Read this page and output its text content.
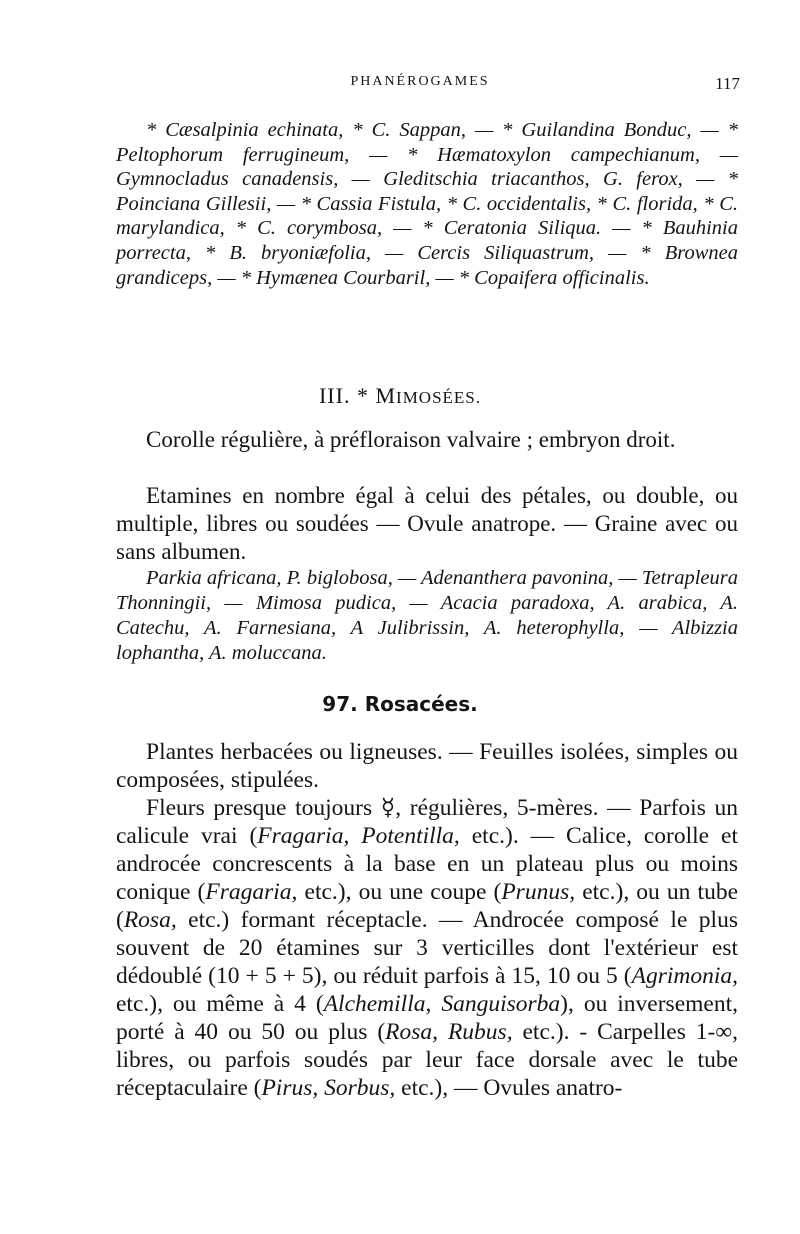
PHANÉROGAMES	117

* Cæsalpinia echinata, * C. Sappan, — * Guilandina Bonduc, — * Peltophorum ferrugineum, — * Hæmatoxylon campechianum, — Gymnocladus canadensis, — Gleditschia triacanthos, G. ferox, — * Poinciana Gillesii, — * Cassia Fistula, * C. occidentalis, * C. florida, * C. marylandica, * C. corymbosa, — * Ceratonia Siliqua. — * Bauhinia porrecta, * B. bryoniæfolia, — Cercis Siliquastrum, — * Brownea grandiceps, — * Hymænea Courbaril, — * Copaifera officinalis.

III. * MIMOSÉES.

Corolle régulière, à préfloraison valvaire ; embryon droit.

Etamines en nombre égal à celui des pétales, ou double, ou multiple, libres ou soudées — Ovule anatrope. — Graine avec ou sans albumen.

Parkia africana, P. biglobosa, — Adenanthera pavonina, — Tetrapleura Thonningii, — Mimosa pudica, — Acacia paradoxa, A. arabica, A. Catechu, A. Farnesiana, A Julibrissin, A. heterophylla, — Albizzia lophantha, A. moluccana.

97. Rosacées.

Plantes herbacées ou ligneuses. — Feuilles isolées, simples ou composées, stipulées.

Fleurs presque toujours ☿, régulières, 5-mères. — Parfois un calicule vrai (Fragaria, Potentilla, etc.). — Calice, corolle et androcée concrescents à la base en un plateau plus ou moins conique (Fragaria, etc.), ou une coupe (Prunus, etc.), ou un tube (Rosa, etc.) formant réceptacle. — Androcée composé le plus souvent de 20 étamines sur 3 verticilles dont l'extérieur est dédoublé (10 + 5 + 5), ou réduit parfois à 15, 10 ou 5 (Agrimonia, etc.), ou même à 4 (Alchemilla, Sanguisorba), ou inversement, porté à 40 ou 50 ou plus (Rosa, Rubus, etc.). - Carpelles 1-∞, libres, ou parfois soudés par leur face dorsale avec le tube réceptaculaire (Pirus, Sorbus, etc.), — Ovules anatro-
